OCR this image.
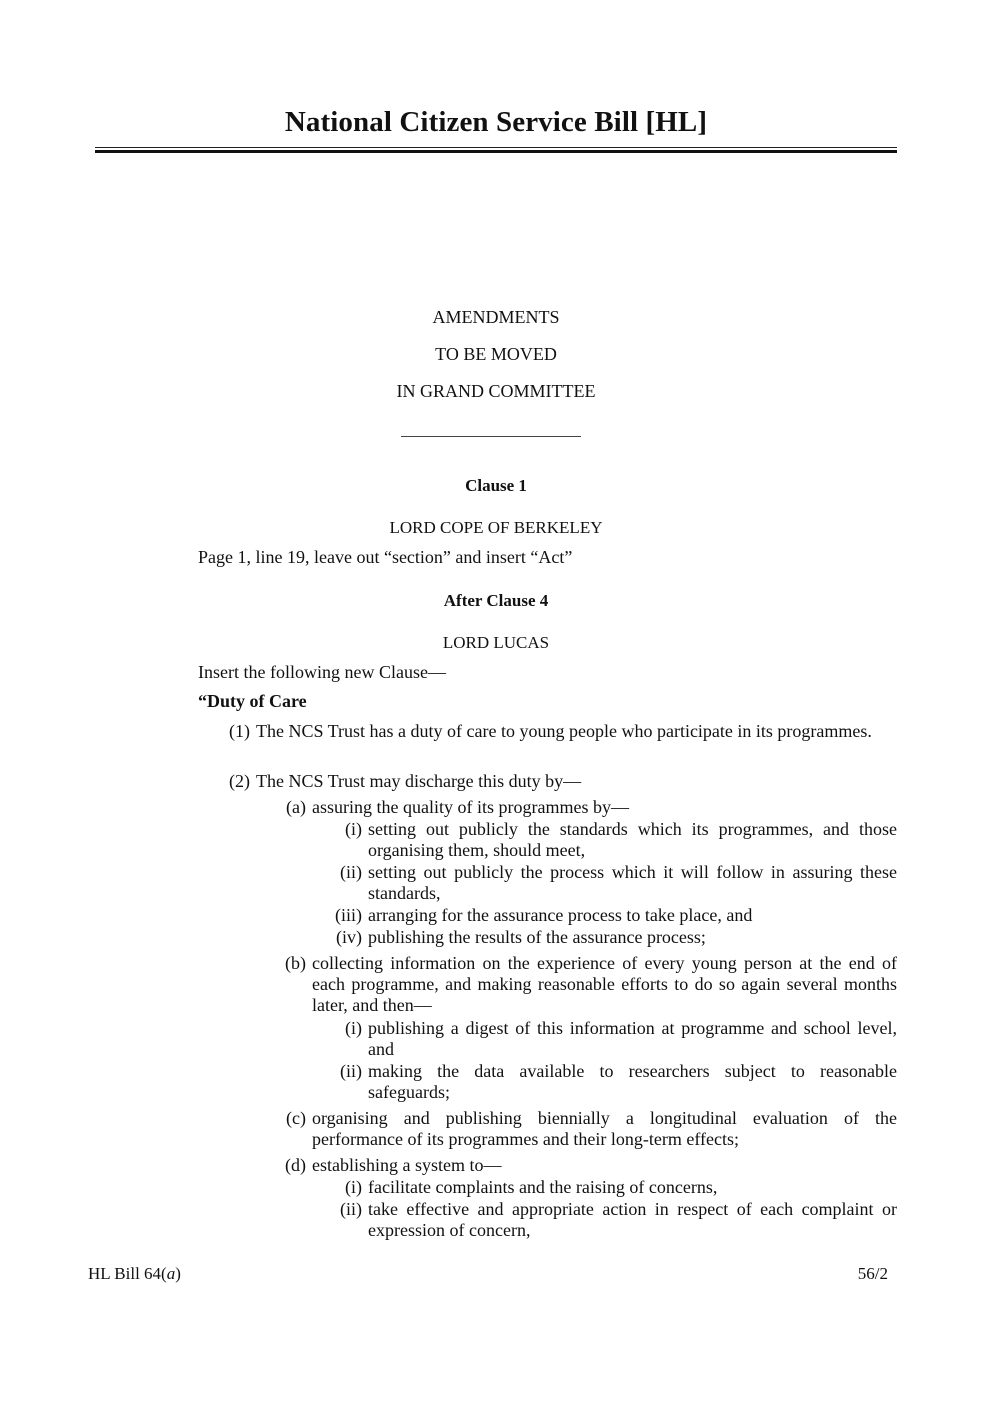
National Citizen Service Bill [HL]
AMENDMENTS
TO BE MOVED
IN GRAND COMMITTEE
Clause 1
LORD COPE OF BERKELEY
Page 1, line 19, leave out “section” and insert “Act”
After Clause 4
LORD LUCAS
Insert the following new Clause—
“Duty of Care
(1) The NCS Trust has a duty of care to young people who participate in its programmes.
(2) The NCS Trust may discharge this duty by—
(a) assuring the quality of its programmes by—
(i) setting out publicly the standards which its programmes, and those organising them, should meet,
(ii) setting out publicly the process which it will follow in assuring these standards,
(iii) arranging for the assurance process to take place, and
(iv) publishing the results of the assurance process;
(b) collecting information on the experience of every young person at the end of each programme, and making reasonable efforts to do so again several months later, and then—
(i) publishing a digest of this information at programme and school level, and
(ii) making the data available to researchers subject to reasonable safeguards;
(c) organising and publishing biennially a longitudinal evaluation of the performance of its programmes and their long-term effects;
(d) establishing a system to—
(i) facilitate complaints and the raising of concerns,
(ii) take effective and appropriate action in respect of each complaint or expression of concern,
HL Bill 64(a)	56/2
